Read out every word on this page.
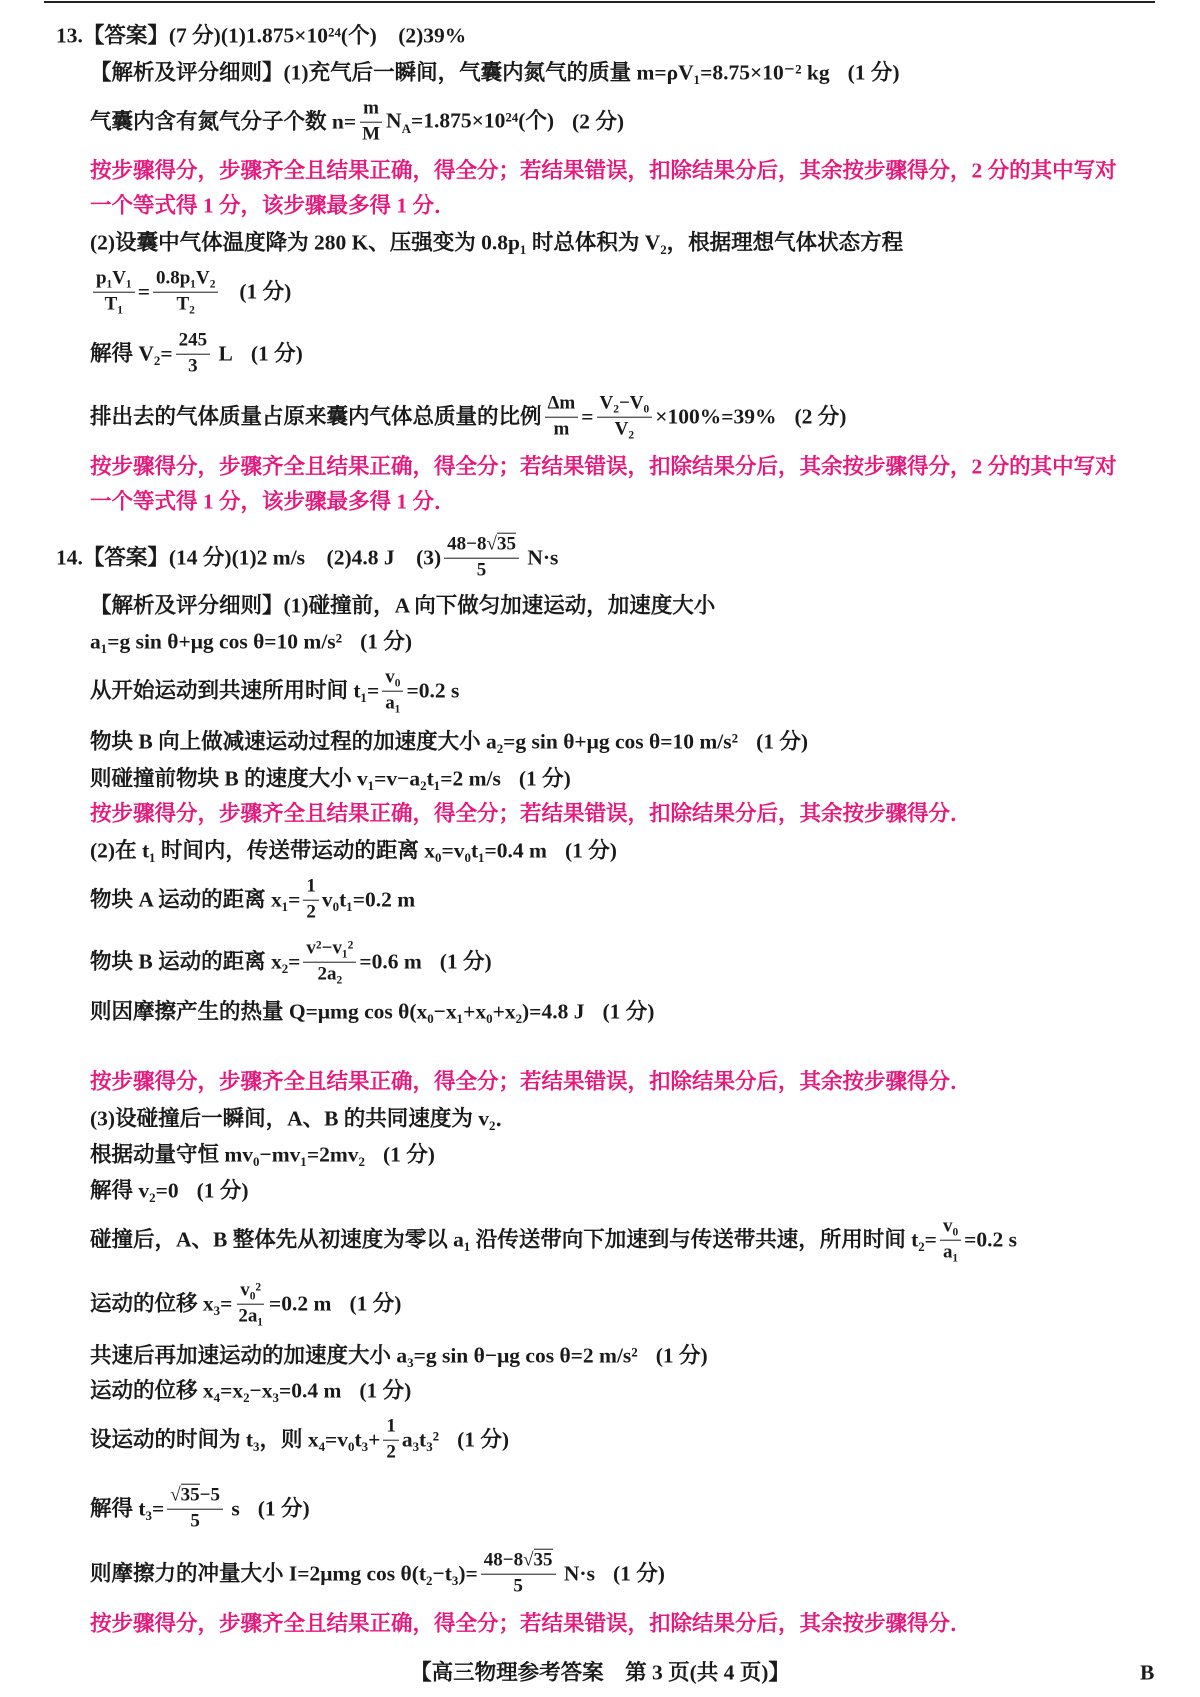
13. 【答案】 (7 分)(1)1.875×10²⁴(个)　(2)39%
【解析及评分细则】 (1)充气后一瞬间，气囊内氮气的质量 m=ρV₁=8.75×10⁻² kg (1 分)
气囊内含有氮气分子个数 $n= \frac{m}{M} N_A=1.875\times 10^{24}$(个) (2 分)
按步骤得分，步骤齐全且结果正确，得全分；若结果错误，扣除结果分后，其余按步骤得分，2 分的其中写对
一个等式得 1 分，该步骤最多得 1 分．
(2)设囊中气体温度降为 280 K、压强变为 0.8p₁ 时总体积为 V₂，根据理想气体状态方程
$\frac{\text{p₁V₁}}{\text{T₁}} = \frac{\text{0.8p₁V₂}}{\text{T₂}} (1$ 分)
解得 $V_2= \frac{245}{3}$ L (1 分)
排出去的气体质量占原来囊内气体总质量的比例 $\frac{\Delta m}{m} = \frac{\text{V₂−V₀}}{\text{V₂}} \times 100\%=39\%$ (2 分)
按步骤得分，步骤齐全且结果正确，得全分；若结果错误，扣除结果分后，其余按步骤得分，2 分的其中写对
一个等式得 1 分，该步骤最多得 1 分．
14. 【答案】 (14 分)(1)2 m/s　(2)4.8 J　$(3) \frac{48-8√35}{5} N\cdot s$
【解析及评分细则】 (1)碰撞前，A 向下做匀加速运动，加速度大小
a₁=g sin θ+μg cos θ=10 m/s² (1 分)
从开始运动到共速所用时间 $t_1= \frac{\text{v₀}}{\text{a₁}} =0.2$ s
物块 B 向上做减速运动过程的加速度大小 a₂=g sin θ+μg cos θ=10 m/s² (1 分)
则碰撞前物块 B 的速度大小 v₁=v−a₂t₁=2 m/s (1 分)
按步骤得分，步骤齐全且结果正确，得全分；若结果错误，扣除结果分后，其余按步骤得分．
(2)在 t₁ 时间内，传送带运动的距离 x₀=v₀t₁=0.4 m (1 分)
物块 A 运动的距离 $x_1= \frac{1}{2} v_0t_1=0.2$ m
物块 B 运动的距离 $x_2= \frac{\text{v²−v₁²}}{\text{2a₂}} =0.6$ m (1 分)
则因摩擦产生的热量 Q=μmg cos θ(x₀−x₁+x₀+x₂)=4.8 J (1 分)
按步骤得分，步骤齐全且结果正确，得全分；若结果错误，扣除结果分后，其余按步骤得分．
(3)设碰撞后一瞬间，A、B 的共同速度为 v₂．
根据动量守恒 mv₀−mv₁=2mv₂ (1 分)
解得 v₂=0 (1 分)
碰撞后，A、B 整体先从初速度为零以 a₁ 沿传送带向下加速到与传送带共速，所用时间 $t_2= \frac{\text{v₀}}{\text{a₁}} =0.2$ s
运动的位移 $x_3= \frac{\text{v₀²}}{\text{2a₁}} =0.2$ m (1 分)
共速后再加速运动的加速度大小 a₃=g sin θ−μg cos θ=2 m/s² (1 分)
运动的位移 x₄=x₂−x₃=0.4 m (1 分)
设运动的时间为 t₃，则 $x_4=v_0t_3+ \frac{1}{2} a_3t_3^2$ (1 分)
解得 $t_3= \frac{√35-5}{5}$ s (1 分)
则摩擦力的冲量大小 I=2μmg $\cos \theta(t_2-t_3)= \frac{48-8√35}{5} N\cdot s$ (1 分)
按步骤得分，步骤齐全且结果正确，得全分；若结果错误，扣除结果分后，其余按步骤得分．
【高三物理参考答案　第 3 页(共 4 页)】	B
